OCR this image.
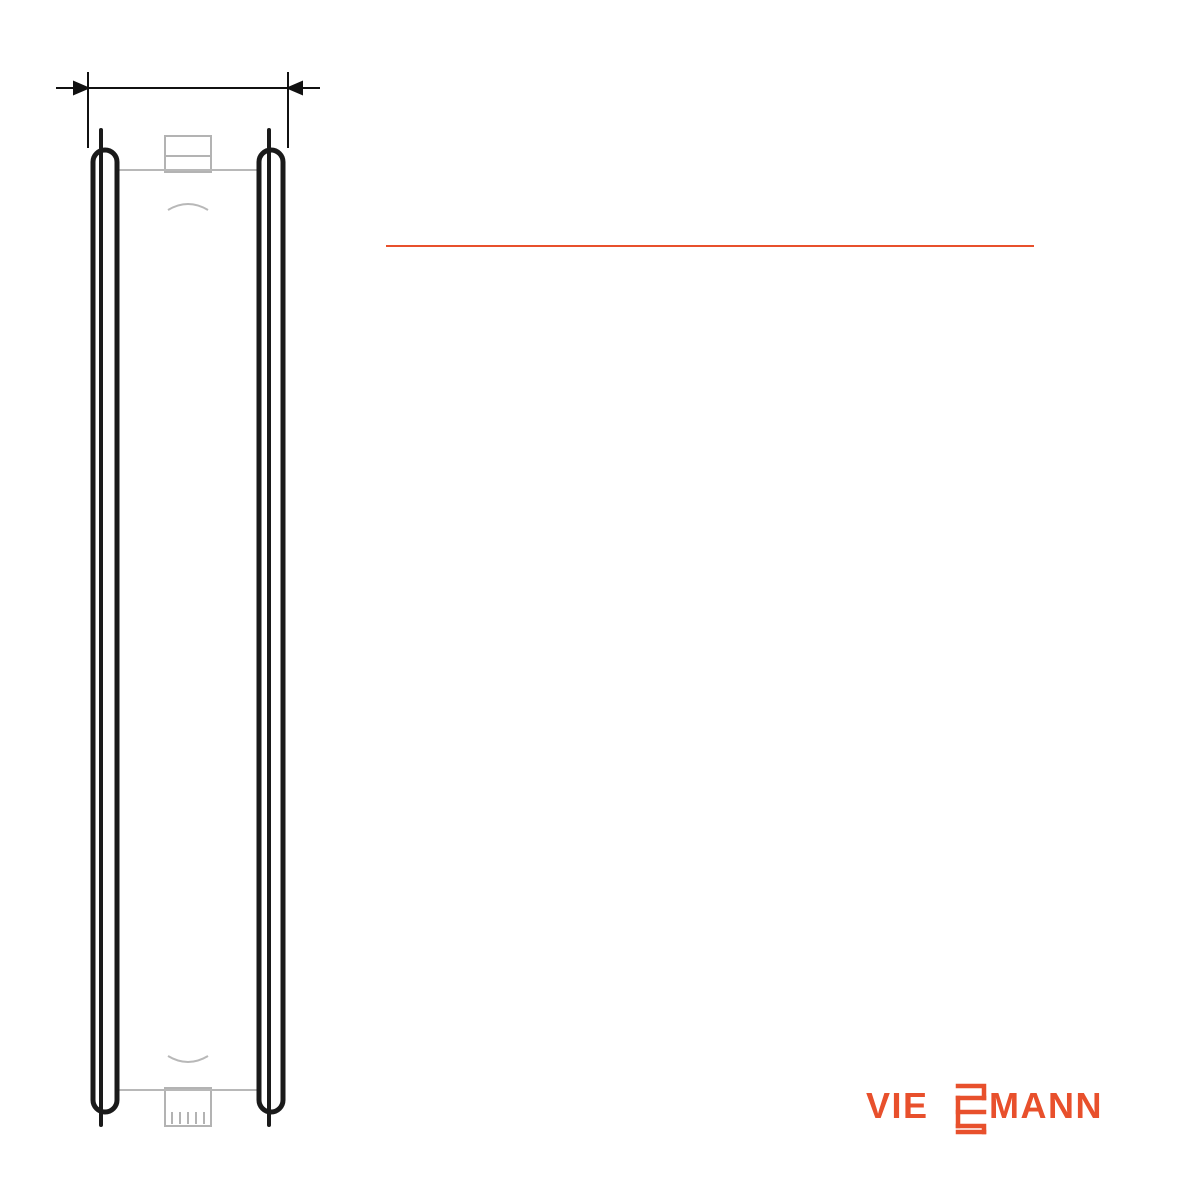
VIE MANN
